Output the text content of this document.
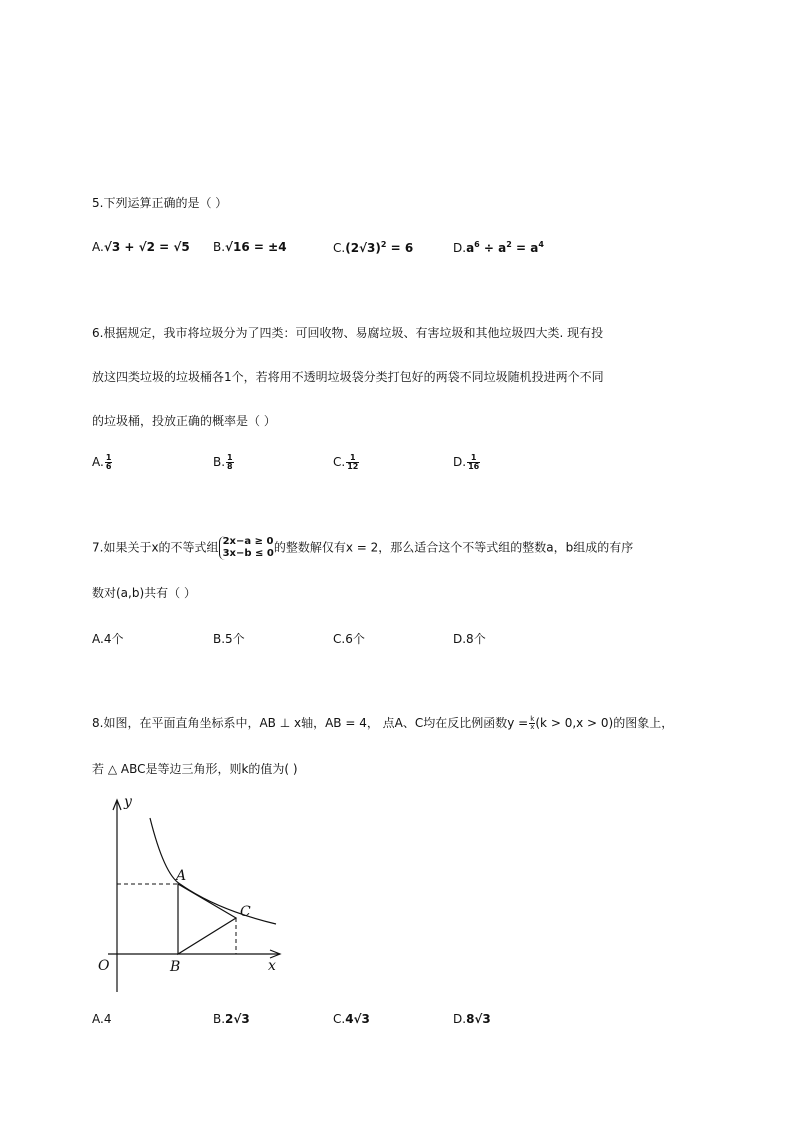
5.下列运算正确的是（ ）
A.√3 + √2 = √5 B.√16 = ±4	$C.(2√3)^2 = 6$	$D.a^6 \div a^2 = a^4$
6.根据规定，我市将垃圾分为了四类：可回收物、易腐垃圾、有害垃圾和其他垃圾四大类. 现有投
放这四类垃圾的垃圾桶各1个，若将用不透明垃圾袋分类打包好的两袋不同垃圾随机投进两个不同
的垃圾桶，投放正确的概率是（ ）
A. $\frac{1}{6}$	B. $\frac{1}{8}$	C. $\frac{1}{12}$	D. $\frac{1}{16}$
7.如果关于x的不等式组 2x−a ≥ 0
3x−b ≤ 0 的整数解仅有x = 2，那么适合这个不等式组的整数a，b组成的有序
数对(a,b)共有（ ）
A.4个	B.5个	C.6个	D.8个
8.如图，在平面直角坐标系中，AB ⊥ x轴，AB = 4， 点A、C均在反比例函数$y = \frac{k}{x} (k > 0,x > 0)$的图象上，
若 △ ABC是等边三角形，则k的值为( )
y
x
O
A
B
C
A.4	B.2√3	C.4√3	D.8√3
